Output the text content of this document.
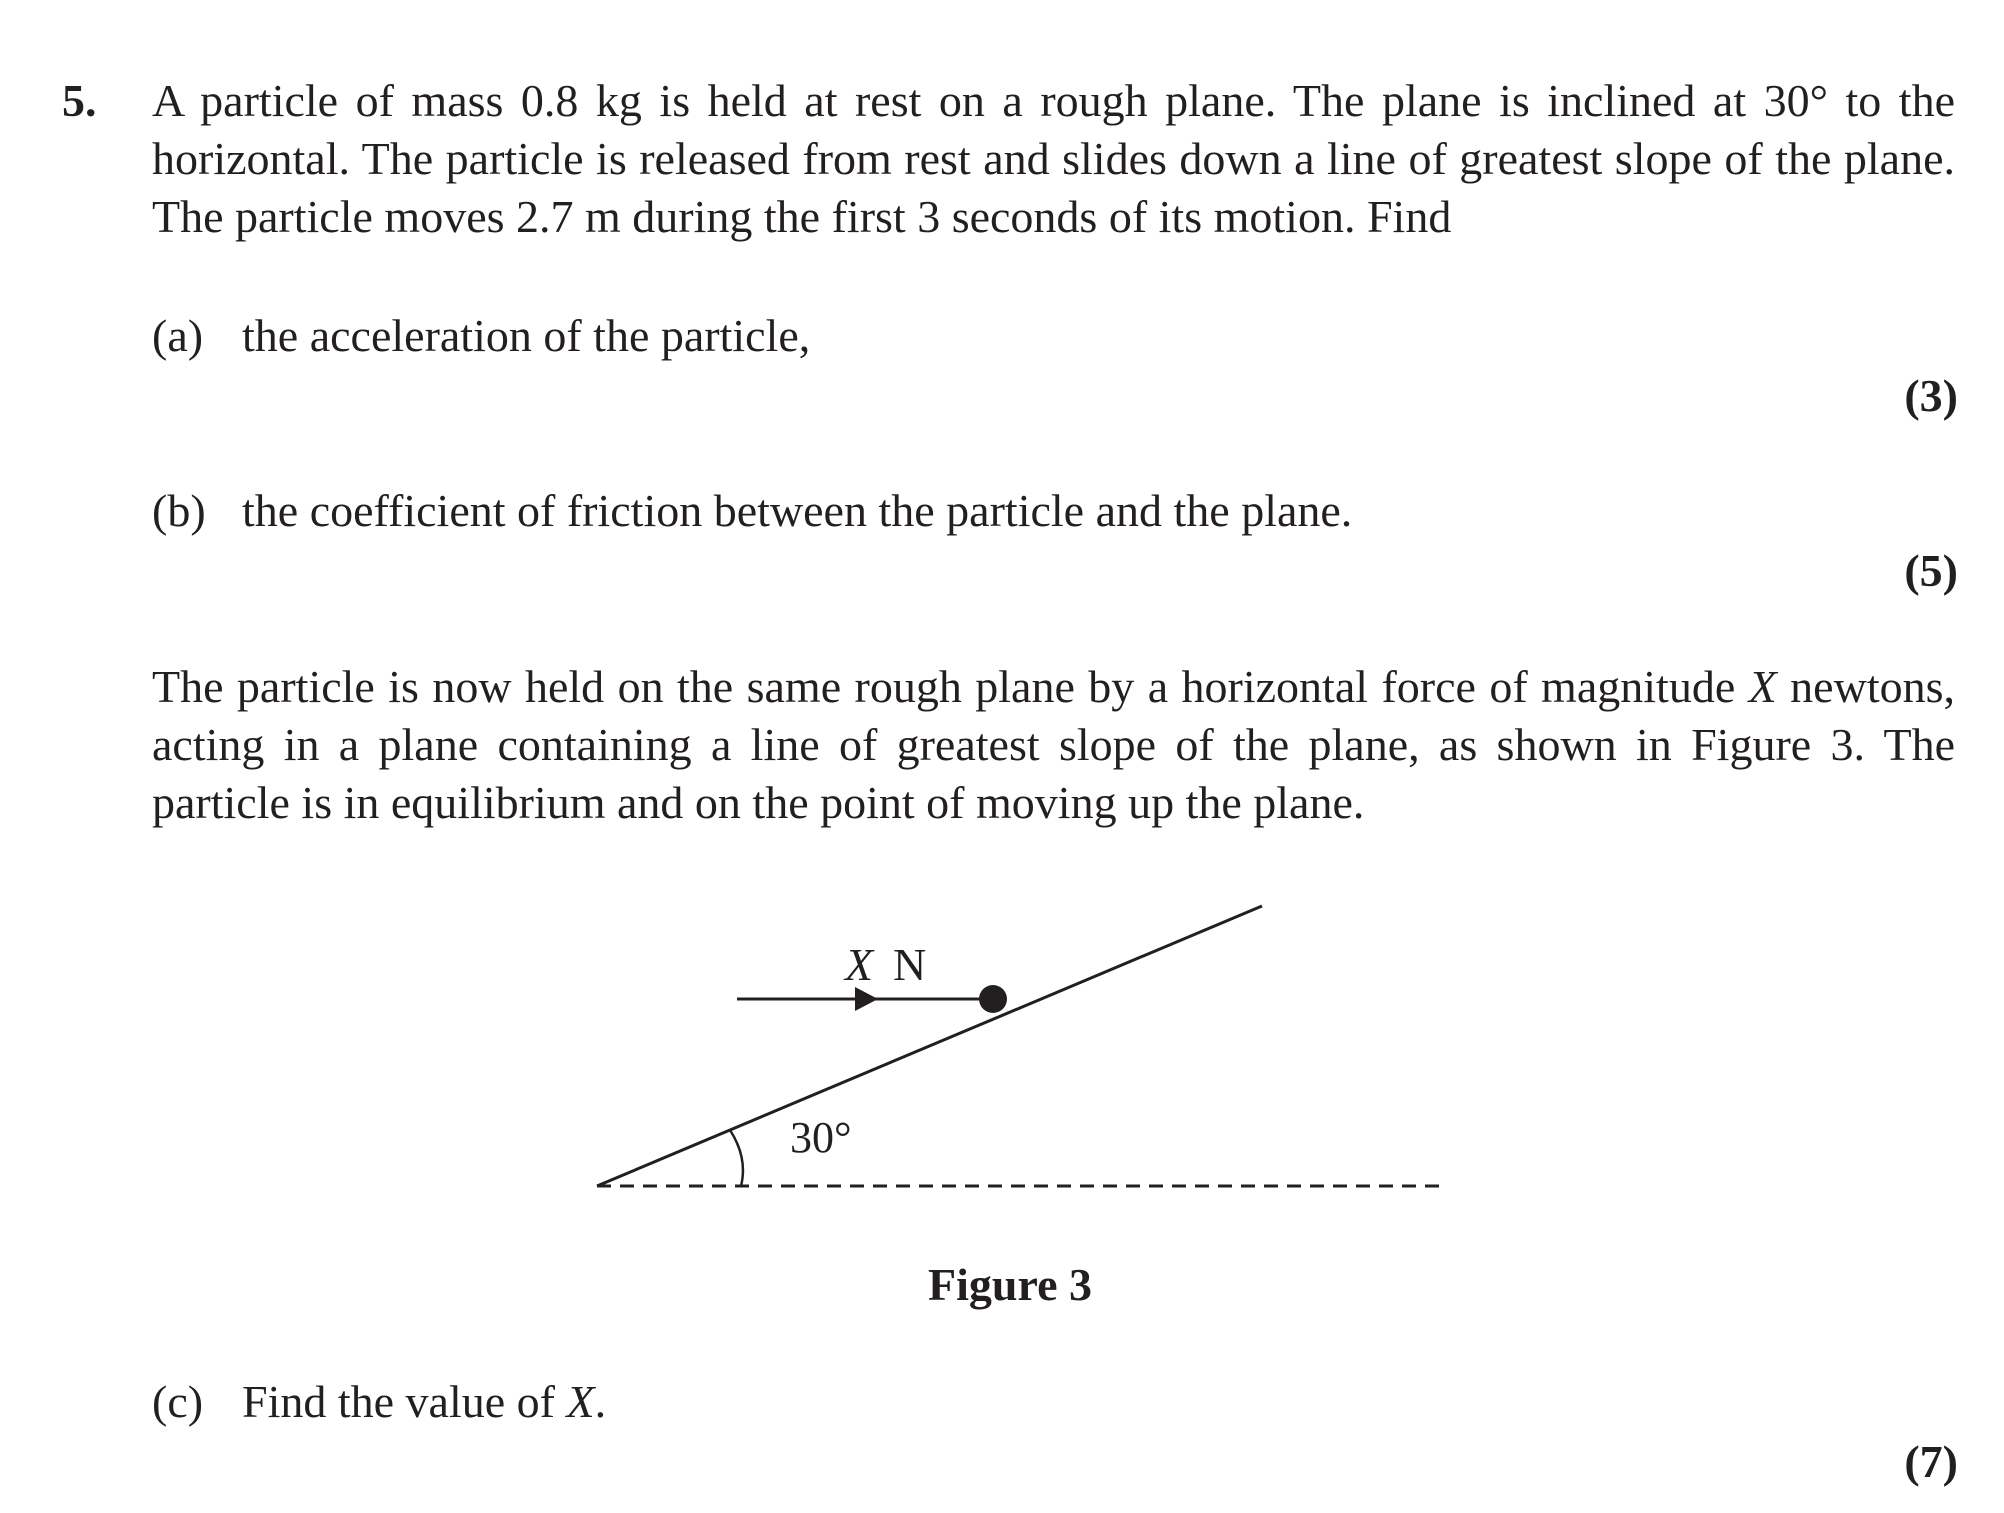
5. A particle of mass 0.8 kg is held at rest on a rough plane. The plane is inclined at 30° to the horizontal. The particle is released from rest and slides down a line of greatest slope of the plane. The particle moves 2.7 m during the first 3 seconds of its motion. Find
(a) the acceleration of the particle,
(3)
(b) the coefficient of friction between the particle and the plane.
(5)
The particle is now held on the same rough plane by a horizontal force of magnitude X newtons, acting in a plane containing a line of greatest slope of the plane, as shown in Figure 3. The particle is in equilibrium and on the point of moving up the plane.
30°
X N
Figure 3
(c) Find the value of X.
(7)
